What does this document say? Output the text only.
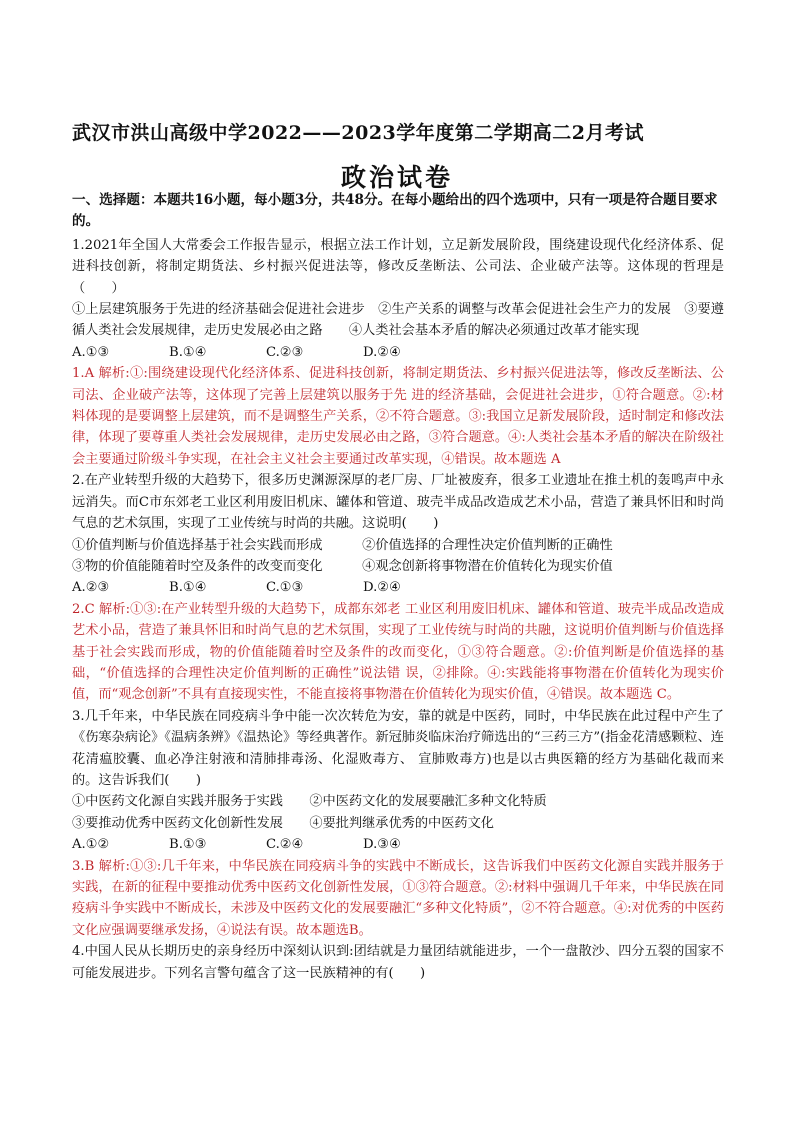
武汉市洪山高级中学2022——2023学年度第二学期高二2月考试
政治试卷
一、选择题：本题共16小题，每小题3分，共48分。在每小题给出的四个选项中，只有一项是符合题目要求的。
1.2021年全国人大常委会工作报告显示，根据立法工作计划，立足新发展阶段，围绕建设现代化经济体系、促进科技创新，将制定期货法、乡村振兴促进法等，修改反垄断法、公司法、企业破产法等。这体现的哲理是（　　）
①上层建筑服务于先进的经济基础会促进社会进步　②生产关系的调整与改革会促进社会生产力的发展　③要遵循人类社会发展规律，走历史发展必由之路　　④人类社会基本矛盾的解决必须通过改革才能实现
A.①③	B.①④	C.②③	D.②④
1.A 解析:①:围绕建设现代化经济体系、促进科技创新，将制定期货法、乡村振兴促进法等，修改反垄断法、公司法、企业破产法等，这体现了完善上层建筑以服务于先 进的经济基础，会促进社会进步，①符合题意。②:材料体现的是要调整上层建筑，而不是调整生产关系，②不符合题意。③:我国立足新发展阶段，适时制定和修改法律，体现了要尊重人类社会发展规律，走历史发展必由之路，③符合题意。④:人类社会基本矛盾的解决在阶级社会主要通过阶级斗争实现，在社会主义社会主要通过改革实现，④错误。故本题选 A
2.在产业转型升级的大趋势下，很多历史渊源深厚的老厂房、厂址被废弃，很多工业遗址在推土机的轰鸣声中永远消失。而C市东郊老工业区利用废旧机床、罐体和管道、玻壳半成品改造成艺术小品，营造了兼具怀旧和时尚气息的艺术氛围，实现了工业传统与时尚的共融。这说明(　　)
①价值判断与价值选择基于社会实践而形成　　　	②价值选择的合理性决定价值判断的正确性
③物的价值能随着时空及条件的改变而变化　　　	④观念创新将事物潜在价值转化为现实价值
A.②③	B.①④	C.①③	D.②④
2.C 解析:①③:在产业转型升级的大趋势下，成都东郊老 工业区利用废旧机床、罐体和管道、玻壳半成品改造成艺术小品，营造了兼具怀旧和时尚气息的艺术氛围，实现了工业传统与时尚的共融，这说明价值判断与价值选择基于社会实践而形成，物的价值能随着时空及条件的改而变化，①③符合题意。②:价值判断是价值选择的基础，“价值选择的合理性决定价值判断的正确性”说法错 误，②排除。④:实践能将事物潜在价值转化为现实价值，而“观念创新”不具有直接现实性，不能直接将事物潜在价值转化为现实价值，④错误。故本题选 C。
3.几千年来，中华民族在同疫病斗争中能一次次转危为安，靠的就是中医药，同时，中华民族在此过程中产生了《伤寒杂病论》《温病条辨》《温热论》等经典著作。新冠肺炎临床治疗筛选出的“三药三方”(指金花清感颗粒、连花清瘟胶囊、血必净注射液和清肺排毒汤、化湿败毒方、 宣肺败毒方)也是以古典医籍的经方为基础化裁而来的。这告诉我们(　　)
①中医药文化源自实践并服务于实践　　 ②中医药文化的发展要融汇多种文化特质
③要推动优秀中医药文化创新性发展　　 ④要批判继承优秀的中医药文化
A.①②	B.①③	C.②④	D.③④
3.B 解析:①③:几千年来，中华民族在同疫病斗争的实践中不断成长，这告诉我们中医药文化源自实践并服务于实践，在新的征程中要推动优秀中医药文化创新性发展，①③符合题意。②:材料中强调几千年来，中华民族在同疫病斗争实践中不断成长，未涉及中医药文化的发展要融汇“多种文化特质”，②不符合题意。④:对优秀的中医药文化应强调要继承发扬，④说法有误。故本题选B。
4.中国人民从长期历史的亲身经历中深刻认识到:团结就是力量团结就能进步，一个一盘散沙、四分五裂的国家不可能发展进步。下列名言警句蕴含了这一民族精神的有(　　)
